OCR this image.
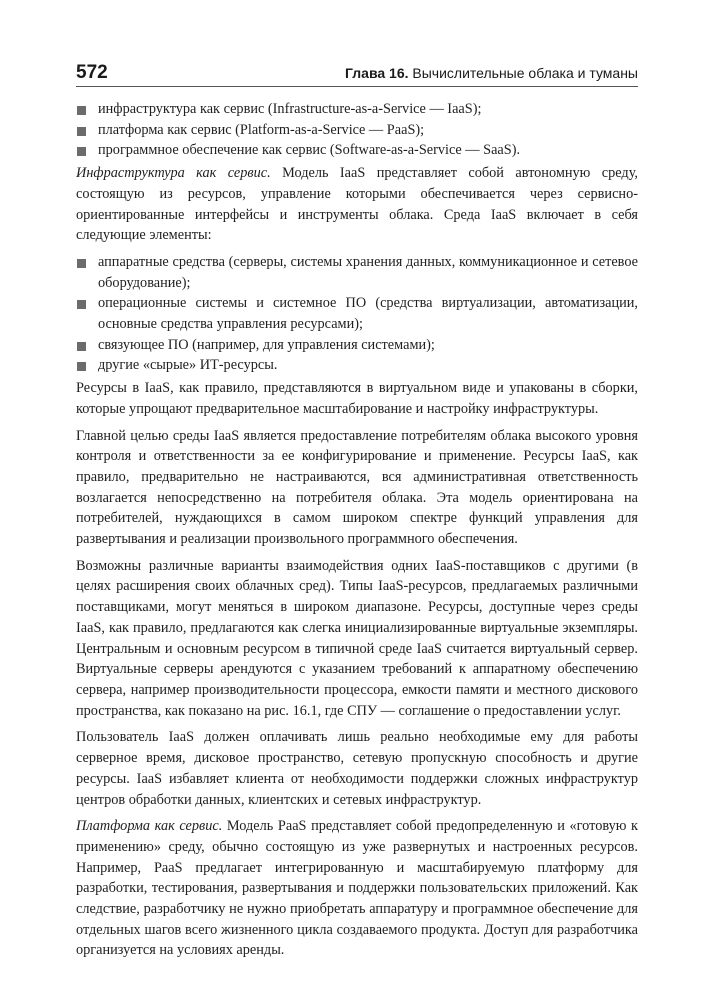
572	Глава 16. Вычислительные облака и туманы
инфраструктура как сервис (Infrastructure-as-a-Service — IaaS);
платформа как сервис (Platform-as-a-Service — PaaS);
программное обеспечение как сервис (Software-as-a-Service — SaaS).

Инфраструктура как сервис. Модель IaaS представляет собой автономную среду, состоящую из ресурсов, управление которыми обеспечивается через сервисно-ориентированные интерфейсы и инструменты облака. Среда IaaS включает в себя следующие элементы:

аппаратные средства (серверы, системы хранения данных, коммуникационное и сетевое оборудование);
операционные системы и системное ПО (средства виртуализации, автоматизации, основные средства управления ресурсами);
связующее ПО (например, для управления системами);
другие «сырые» ИТ-ресурсы.

Ресурсы в IaaS, как правило, представляются в виртуальном виде и упакованы в сборки, которые упрощают предварительное масштабирование и настройку инфраструктуры.

Главной целью среды IaaS является предоставление потребителям облака высокого уровня контроля и ответственности за ее конфигурирование и применение. Ресурсы IaaS, как правило, предварительно не настраиваются, вся административная ответственность возлагается непосредственно на потребителя облака. Эта модель ориентирована на потребителей, нуждающихся в самом широком спектре функций управления для развертывания и реализации произвольного программного обеспечения.

Возможны различные варианты взаимодействия одних IaaS-поставщиков с другими (в целях расширения своих облачных сред). Типы IaaS-ресурсов, предлагаемых различными поставщиками, могут меняться в широком диапазоне. Ресурсы, доступные через среды IaaS, как правило, предлагаются как слегка инициализированные виртуальные экземпляры. Центральным и основным ресурсом в типичной среде IaaS считается виртуальный сервер. Виртуальные серверы арендуются с указанием требований к аппаратному обеспечению сервера, например производительности процессора, емкости памяти и местного дискового пространства, как показано на рис. 16.1, где СПУ — соглашение о предоставлении услуг.

Пользователь IaaS должен оплачивать лишь реально необходимые ему для работы серверное время, дисковое пространство, сетевую пропускную способность и другие ресурсы. IaaS избавляет клиента от необходимости поддержки сложных инфраструктур центров обработки данных, клиентских и сетевых инфраструктур.

Платформа как сервис. Модель PaaS представляет собой предопределенную и «готовую к применению» среду, обычно состоящую из уже развернутых и настроенных ресурсов. Например, PaaS предлагает интегрированную и масштабируемую платформу для разработки, тестирования, развертывания и поддержки пользовательских приложений. Как следствие, разработчику не нужно приобретать аппаратуру и программное обеспечение для отдельных шагов всего жизненного цикла создаваемого продукта. Доступ для разработчика организуется на условиях аренды.
